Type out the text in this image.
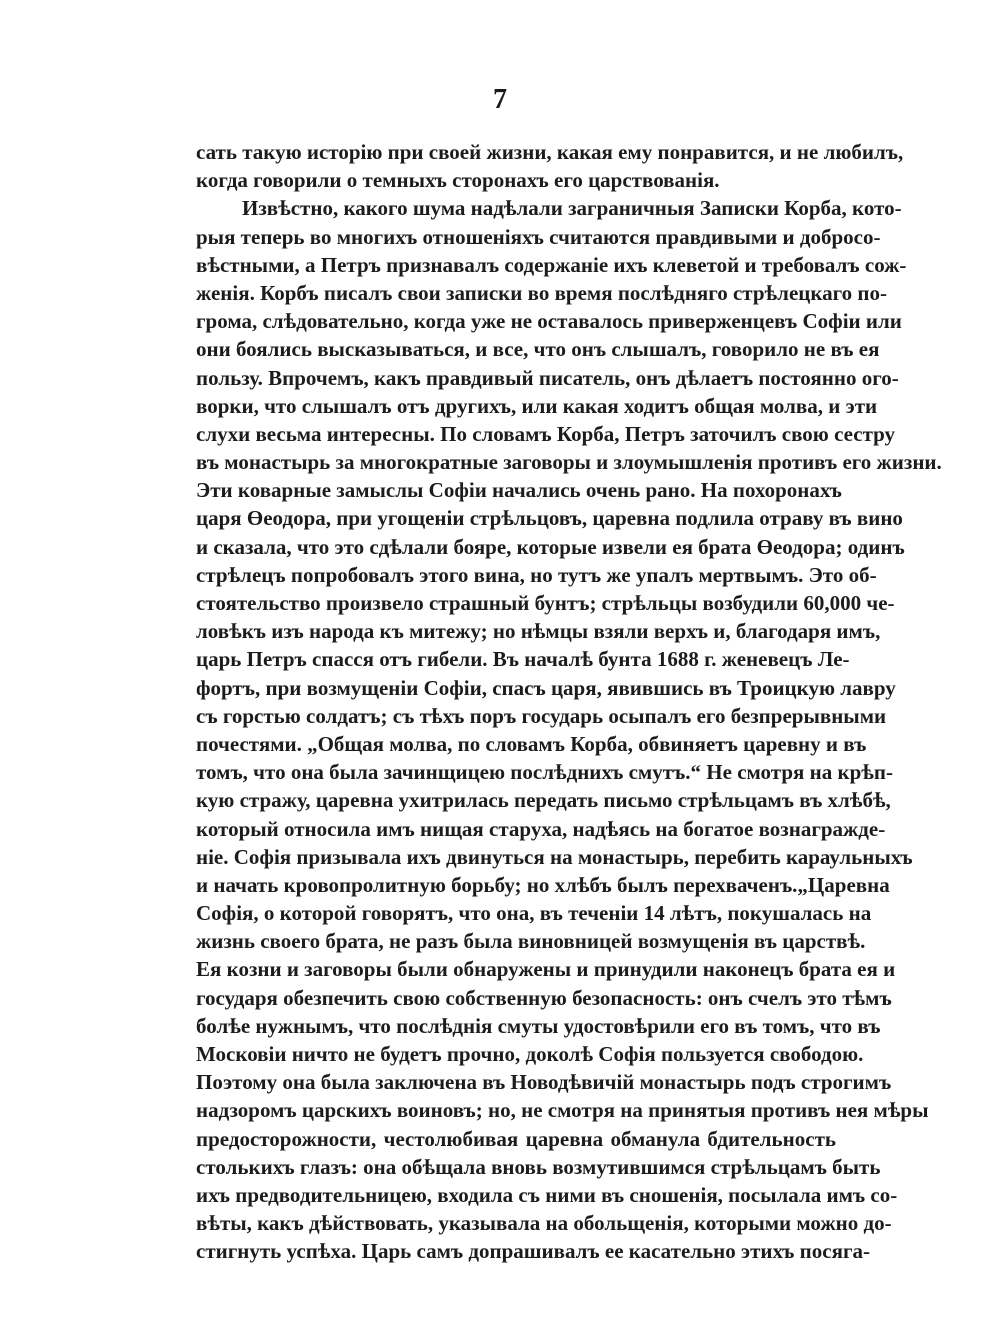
7
сать такую исторію при своей жизни, какая ему понравится, и не любилъ,
когда говорили о темныхъ сторонахъ его царствованія.
Извѣстно, какого шума надѣлали заграничныя Записки Корба, кото-
рыя теперь во многихъ отношеніяхъ считаются правдивыми и добросо-
вѣстными, а Петръ признавалъ содержаніе ихъ клеветой и требовалъ сож-
женія. Корбъ писалъ свои записки во время послѣдняго стрѣлецкаго по-
грома, слѣдовательно, когда уже не оставалось приверженцевъ Софіи или
они боялись высказываться, и все, что онъ слышалъ, говорило не въ ея
пользу. Впрочемъ, какъ правдивый писатель, онъ дѣлаетъ постоянно ого-
ворки, что слышалъ отъ другихъ, или какая ходитъ общая молва, и эти
слухи весьма интересны. По словамъ Корба, Петръ заточилъ свою сестру
въ монастырь за многократные заговоры и злоумышленія противъ его жизни.
Эти коварные замыслы Софіи начались очень рано. На похоронахъ
царя Өеодора, при угощеніи стрѣльцовъ, царевна подлила отраву въ вино
и сказала, что это сдѣлали бояре, которые извели ея брата Өеодора; одинъ
стрѣлецъ попробовалъ этого вина, но тутъ же упалъ мертвымъ. Это об-
стоятельство произвело страшный бунтъ; стрѣльцы возбудили 60,000 че-
ловѣкъ изъ народа къ митежу; но нѣмцы взяли верхъ и, благодаря имъ,
царь Петръ спасся отъ гибели. Въ началѣ бунта 1688 г. женевецъ Ле-
фортъ, при возмущеніи Софіи, спасъ царя, явившись въ Троицкую лавру
съ горстью солдатъ; съ тѣхъ поръ государь осыпалъ его безпрерывными
почестями. „Общая молва, по словамъ Корба, обвиняетъ царевну и въ
томъ, что она была зачинщицею послѣднихъ смутъ.“ Не смотря на крѣп-
кую стражу, царевна ухитрилась передать письмо стрѣльцамъ въ хлѣбѣ,
который относила имъ нищая старуха, надѣясь на богатое вознагражде-
ніе. Софія призывала ихъ двинуться на монастырь, перебить караульныхъ
и начать кровопролитную борьбу; но хлѣбъ былъ перехваченъ.„Царевна
Софія, о которой говорятъ, что она, въ теченіи 14 лѣтъ, покушалась на
жизнь своего брата, не разъ была виновницей возмущенія въ царствѣ.
Ея козни и заговоры были обнаружены и принудили наконецъ брата ея и
государя обезпечить свою собственную безопасность: онъ счелъ это тѣмъ
болѣе нужнымъ, что послѣднія смуты удостовѣрили его въ томъ, что въ
Московіи ничто не будетъ прочно, доколѣ Софія пользуется свободою.
Поэтому она была заключена въ Новодѣвичій монастырь подъ строгимъ
надзоромъ царскихъ воиновъ; но, не смотря на принятыя противъ нея мѣры
предосторожности, честолюбивая царевна обманула бдительность
столькихъ глазъ: она обѣщала вновь возмутившимся стрѣльцамъ быть
ихъ предводительницею, входила съ ними въ сношенія, посылала имъ со-
вѣты, какъ дѣйствовать, указывала на обольщенія, которыми можно до-
стигнуть успѣха. Царь самъ допрашивалъ ее касательно этихъ посяга-
